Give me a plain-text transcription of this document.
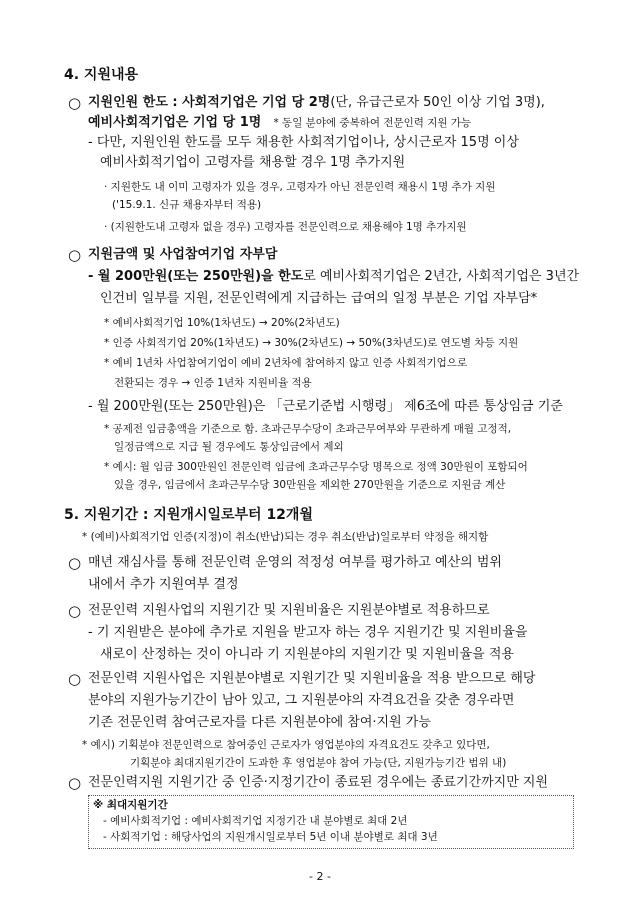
4. 지원내용
○ 지원인원 한도 : 사회적기업은 기업 당 2명(단, 유급근로자 50인 이상 기업 3명),
예비사회적기업은 기업 당 1명 * 동일 분야에 중복하여 전문인력 지원 가능
- 다만, 지원인원 한도를 모두 채용한 사회적기업이나, 상시근로자 15명 이상
예비사회적기업이 고령자를 채용할 경우 1명 추가지원
· 지원한도 내 이미 고령자가 있을 경우, 고령자가 아닌 전문인력 채용시 1명 추가 지원
('15.9.1. 신규 채용자부터 적용)
· (지원한도내 고령자 없을 경우) 고령자를 전문인력으로 채용해야 1명 추가지원
○ 지원금액 및 사업참여기업 자부담
- 월 200만원(또는 250만원)을 한도로 예비사회적기업은 2년간, 사회적기업은 3년간
인건비 일부를 지원, 전문인력에게 지급하는 급여의 일정 부분은 기업 자부담*
* 예비사회적기업 10%(1차년도) → 20%(2차년도)
* 인증 사회적기업 20%(1차년도) → 30%(2차년도) → 50%(3차년도)로 연도별 차등 지원
* 예비 1년차 사업참여기업이 예비 2년차에 참여하지 않고 인증 사회적기업으로
전환되는 경우 → 인증 1년차 지원비율 적용
- 월 200만원(또는 250만원)은 「근로기준법 시행령」 제6조에 따른 통상임금 기준
* 공제전 임금총액을 기준으로 함. 초과근무수당이 초과근무여부와 무관하게 매월 고정적,
일정금액으로 지급 될 경우에도 통상임금에서 제외
* 예시: 월 임금 300만원인 전문인력 임금에 초과근무수당 명목으로 정액 30만원이 포함되어
있을 경우, 임금에서 초과근무수당 30만원을 제외한 270만원을 기준으로 지원금 계산
5. 지원기간 : 지원개시일로부터 12개월
* (예비)사회적기업 인증(지정)이 취소(반납)되는 경우 취소(반납)일로부터 약정을 해지함
○ 매년 재심사를 통해 전문인력 운영의 적정성 여부를 평가하고 예산의 범위
내에서 추가 지원여부 결정
○ 전문인력 지원사업의 지원기간 및 지원비율은 지원분야별로 적용하므로
- 기 지원받은 분야에 추가로 지원을 받고자 하는 경우 지원기간 및 지원비율을
새로이 산정하는 것이 아니라 기 지원분야의 지원기간 및 지원비율을 적용
○ 전문인력 지원사업은 지원분야별로 지원기간 및 지원비율을 적용 받으므로 해당
분야의 지원가능기간이 남아 있고, 그 지원분야의 자격요건을 갖춘 경우라면
기존 전문인력 참여근로자를 다른 지원분야에 참여·지원 가능
* 예시) 기획분야 전문인력으로 참여중인 근로자가 영업분야의 자격요건도 갖추고 있다면,
기획분야 최대지원기간이 도과한 후 영업분야 참여 가능(단, 지원가능기간 범위 내)
○ 전문인력지원 지원기간 중 인증·지정기간이 종료된 경우에는 종료기간까지만 지원
※ 최대지원기간
- 예비사회적기업 : 예비사회적기업 지정기간 내 분야별로 최대 2년
- 사회적기업 : 해당사업의 지원개시일로부터 5년 이내 분야별로 최대 3년
- 2 -
